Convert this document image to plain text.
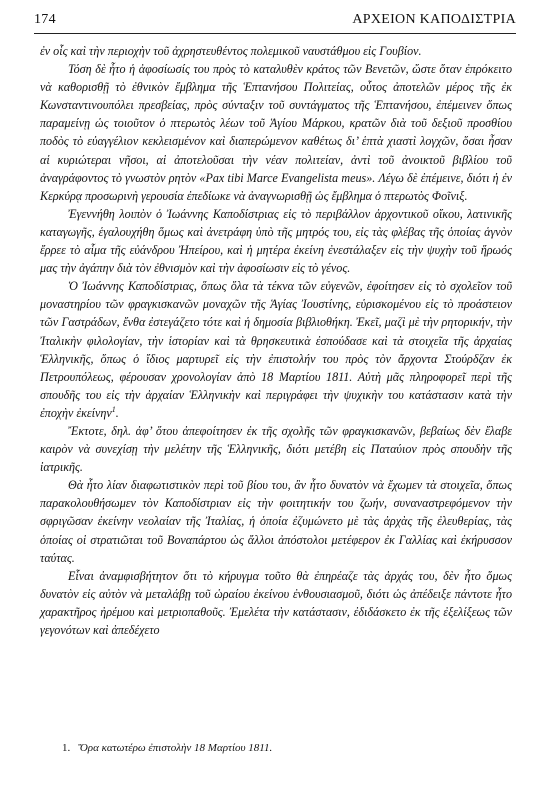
174	ΑΡΧΕΙΟΝ ΚΑΠΟΔΙΣΤΡΙΑ

ἐν οἷς καὶ τὴν περιοχὴν τοῦ ἀχρηστευθέντος πολεμικοῦ ναυστάθμου εἰς Γουβίον.

Τόση δὲ ἦτο ἡ ἀφοσίωσίς του πρὸς τὸ καταλυθὲν κράτος τῶν Βενετῶν, ὥστε ὅταν ἐπρόκειτο νὰ καθορισθῇ τὸ ἐθνικὸν ἔμβλημα τῆς Ἑπτανήσου Πολιτείας, οὗτος ἀποτελῶν μέρος τῆς ἐκ Κωνσταντινουπόλει πρεσβείας, πρὸς σύνταξιν τοῦ συντάγματος τῆς Ἑπτανήσου, ἐπέμεινεν ὅπως παραμείνῃ ὡς τοιοῦτον ὁ πτερωτὸς λέων τοῦ Ἁγίου Μάρκου, κρατῶν διὰ τοῦ δεξιοῦ προσθίου ποδὸς τὸ εὐαγγέλιον κεκλεισμένον καὶ διαπερώμενον καθέτως δι’ ἑπτὰ χιαστὶ λογχῶν, ὅσαι ἦσαν αἱ κυριώτεραι νῆσοι, αἱ ἀποτελοῦσαι τὴν νέαν πολιτείαν, ἀντὶ τοῦ ἀνοικτοῦ βιβλίου τοῦ ἀναγράφοντος τὸ γνωστὸν ρητὸν «Pax tibi Marce Evangelista meus». Λέγω δὲ ἐπέμεινε, διότι ἡ ἐν Κερκύρᾳ προσωρινὴ γερουσία ἐπεδίωκε νὰ ἀναγνωρισθῇ ὡς ἔμβλημα ὁ πτερωτὸς Φοῖνιξ.

Ἐγεννήθη λοιπὸν ὁ Ἰωάννης Καποδίστριας εἰς τὸ περιβάλλον ἀρχοντικοῦ οἴκου, λατινικῆς καταγωγῆς, ἑγαλουχήθη ὅμως καὶ ἀνετράφη ὑπὸ τῆς μητρός του, εἰς τὰς φλέβας τῆς ὁποίας ἁγνὸν ἔρρεε τὸ αἷμα τῆς εὐάνδρου Ἠπείρου, καὶ ἡ μητέρα ἐκείνη ἐνεστάλαξεν εἰς τὴν ψυχὴν τοῦ ἥρωός μας τὴν ἀγάπην διὰ τὸν ἐθνισμὸν καὶ τὴν ἀφοσίωσιν εἰς τὸ γένος.

Ὁ Ἰωάννης Καποδίστριας, ὅπως ὅλα τὰ τέκνα τῶν εὐγενῶν, ἐφοίτησεν εἰς τὸ σχολεῖον τοῦ μοναστηρίου τῶν φραγκισκανῶν μοναχῶν τῆς Ἁγίας Ἰουστίνης, εὑρισκομένου εἰς τὸ προάστειον τῶν Γαστράδων, ἔνθα ἐστεγάζετο τότε καὶ ἡ δημοσία βιβλιοθήκη. Ἐκεῖ, μαζὶ μὲ τὴν ρητορικήν, τὴν Ἰταλικὴν φιλολογίαν, τὴν ἱστορίαν καὶ τὰ θρησκευτικὰ ἐσπούδασε καὶ τὰ στοιχεῖα τῆς ἀρχαίας Ἑλληνικῆς, ὅπως ὁ ἴδιος μαρτυρεῖ εἰς τὴν ἐπιστολήν του πρὸς τὸν ἄρχοντα Στούρδζαν ἐκ Πετρουπόλεως, φέρουσαν χρονολογίαν ἀπὸ 18 Μαρτίου 1811. Αὐτὴ μᾶς πληροφορεῖ περὶ τῆς σπουδῆς του εἰς τὴν ἀρχαίαν Ἑλληνικὴν καὶ περιγράφει τὴν ψυχικὴν του κατάστασιν κατὰ τὴν ἐποχὴν ἐκείνην$^1$.

Ἔκτοτε, δηλ. ἀφ’ ὅτου ἀπεφοίτησεν ἐκ τῆς σχολῆς τῶν φραγκισκανῶν, βεβαίως δὲν ἔλαβε καιρὸν νὰ συνεχίσῃ τὴν μελέτην τῆς Ἑλληνικῆς, διότι μετέβη εἰς Παταύιον πρὸς σπουδὴν τῆς ἰατρικῆς.

Θὰ ἦτο λίαν διαφωτιστικὸν περὶ τοῦ βίου του, ἂν ἦτο δυνατὸν νὰ ἔχωμεν τὰ στοιχεῖα, ὅπως παρακολουθήσωμεν τὸν Καποδίστριαν εἰς τὴν φοιτητικήν του ζωήν, συναναστρεφόμενον τὴν σφριγῶσαν ἐκείνην νεολαίαν τῆς Ἰταλίας, ἡ ὁποία ἐζυμώνετο μὲ τὰς ἀρχὰς τῆς ἐλευθερίας, τὰς ὁποίας οἱ στρατιῶται τοῦ Βοναπάρτου ὡς ἄλλοι ἀπόστολοι μετέφερον ἐκ Γαλλίας καὶ ἐκήρυσσον ταύτας.

Εἶναι ἀναμφισβήτητον ὅτι τὸ κήρυγμα τοῦτο θὰ ἐπηρέαζε τὰς ἀρχάς του, δὲν ἦτο ὅμως δυνατὸν εἰς αὐτὸν νὰ μεταλάβῃ τοῦ ὡραίου ἐκείνου ἐνθουσιασμοῦ, διότι ὡς ἀπέδειξε πάντοτε ἦτο χαρακτῆρος ἠρέμου καὶ μετριοπαθοῦς. Ἐμελέτα τὴν κατάστασιν, ἐδιδάσκετο ἐκ τῆς ἐξελίξεως τῶν γεγονότων καὶ ἀπεδέχετο

1. Ὅρα κατωτέρω ἐπιστολὴν 18 Μαρτίου 1811.
